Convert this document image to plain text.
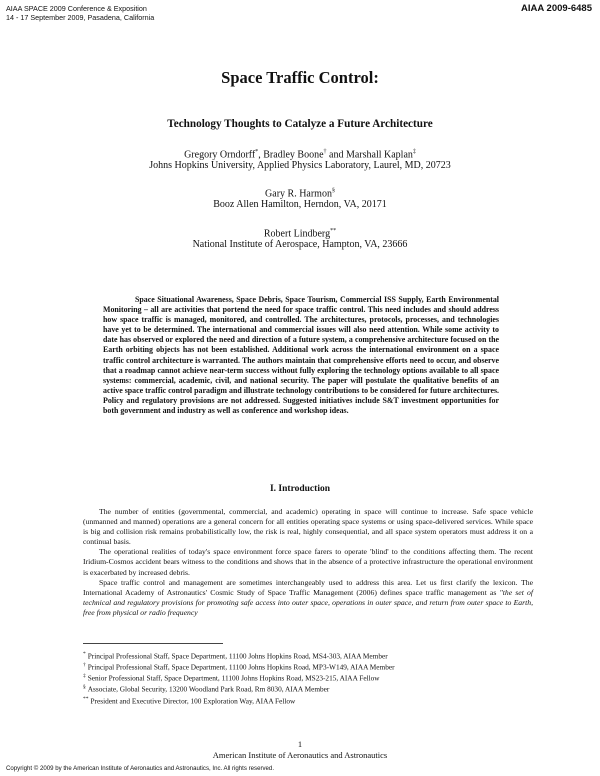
AIAA SPACE 2009 Conference & Exposition
14 - 17 September 2009, Pasadena, California
AIAA 2009-6485
Space Traffic Control:
Technology Thoughts to Catalyze a Future Architecture
Gregory Orndorff*, Bradley Boone† and Marshall Kaplan‡
Johns Hopkins University, Applied Physics Laboratory, Laurel, MD, 20723
Gary R. Harmon§
Booz Allen Hamilton, Herndon, VA, 20171
Robert Lindberg**
National Institute of Aerospace, Hampton, VA, 23666

Space Situational Awareness, Space Debris, Space Tourism, Commercial ISS Supply, Earth Environmental Monitoring – all are activities that portend the need for space traffic control. This need includes and should address how space traffic is managed, monitored, and controlled. The architectures, protocols, processes, and technologies have yet to be determined. The international and commercial issues will also need attention. While some activity to date has observed or explored the need and direction of a future system, a comprehensive architecture focused on the Earth orbiting objects has not been established. Additional work across the international environment on a space traffic control architecture is warranted. The authors maintain that comprehensive efforts need to occur, and observe that a roadmap cannot achieve near-term success without fully exploring the technology options available to all space systems: commercial, academic, civil, and national security. The paper will postulate the qualitative benefits of an active space traffic control paradigm and illustrate technology contributions to be considered for future architectures. Policy and regulatory provisions are not addressed. Suggested initiatives include S&T investment opportunities for both government and industry as well as conference and workshop ideas.

I. Introduction

The number of entities (governmental, commercial, and academic) operating in space will continue to increase. Safe space vehicle (unmanned and manned) operations are a general concern for all entities operating space systems or using space-delivered services. While space is big and collision risk remains probabilistically low, the risk is real, highly consequential, and all space system operators must address it on a continual basis.

The operational realities of today's space environment force space farers to operate 'blind' to the conditions affecting them. The recent Iridium-Cosmos accident bears witness to the conditions and shows that in the absence of a protective infrastructure the operational environment is exacerbated by increased debris.

Space traffic control and management are sometimes interchangeably used to address this area. Let us first clarify the lexicon. The International Academy of Astronautics' Cosmic Study of Space Traffic Management (2006) defines space traffic management as "the set of technical and regulatory provisions for promoting safe access into outer space, operations in outer space, and return from outer space to Earth, free from physical or radio frequency

* Principal Professional Staff, Space Department, 11100 Johns Hopkins Road, MS4-303, AIAA Member
† Principal Professional Staff, Space Department, 11100 Johns Hopkins Road, MP3-W149, AIAA Member
‡ Senior Professional Staff, Space Department, 11100 Johns Hopkins Road, MS23-215, AIAA Fellow
§ Associate, Global Security, 13200 Woodland Park Road, Rm 8030, AIAA Member
** President and Executive Director, 100 Exploration Way, AIAA Fellow
1
American Institute of Aeronautics and Astronautics
Copyright © 2009 by the American Institute of Aeronautics and Astronautics, Inc. All rights reserved.
